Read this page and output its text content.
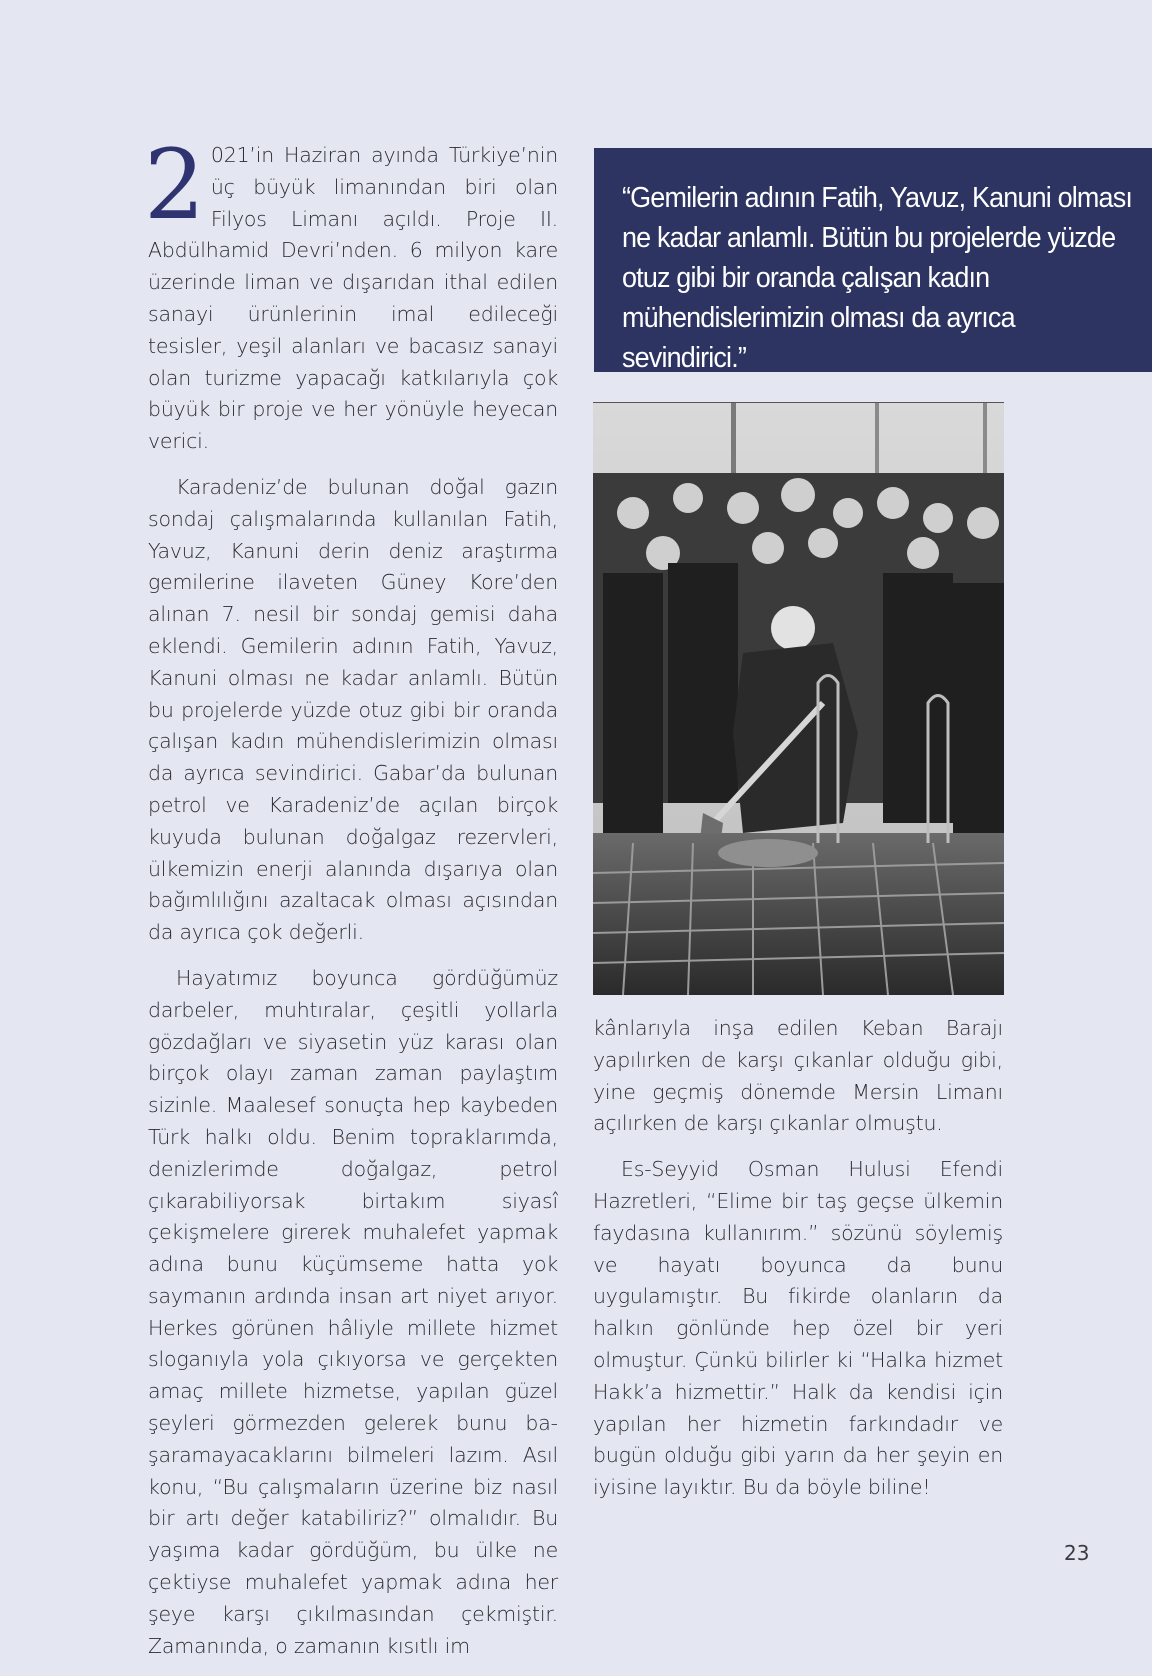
2 021’in Haziran ayında Türkiye’nin üç büyük limanından biri olan Filyos Limanı açıldı. Proje II. Abdülhamid Devri’nden. 6 milyon kare üzerinde liman ve dışarıdan ithal edilen sanayi ürünlerinin imal edileceği tesisler, yeşil alanları ve bacasız sanayi olan turizme yapacağı katkılarıyla çok büyük bir proje ve her yönüyle heyecan verici.

Karadeniz’de bulunan doğal gazın sondaj çalışmalarında kullanılan Fatih, Yavuz, Kanuni derin deniz araştırma gemilerine ilaveten Güney Kore’den alınan 7. nesil bir sondaj gemisi daha eklendi. Gemilerin adının Fatih, Yavuz, Kanuni olması ne kadar anlamlı. Bütün bu projelerde yüzde otuz gibi bir oranda çalışan kadın mühendislerimizin olması da ayrıca sevindirici. Gabar’da bulunan petrol ve Karadeniz’de açılan birçok kuyuda bulunan doğalgaz rezervleri, ülkemizin enerji alanında dışarıya olan bağımlılığını azaltacak olması açısından da ayrıca çok değerli.

Hayatımız boyunca gördüğümüz darbeler, muhtıralar, çeşitli yollarla gözdağları ve siyasetin yüz karası olan birçok olayı zaman zaman paylaştım sizinle. Maalesef sonuçta hep kaybeden Türk halkı oldu. Benim topraklarımda, denizlerimde doğalgaz, petrol çıkarabiliyorsak birtakım siyasî çekişmelere girerek muhalefet yapmak adına bunu küçümseme hatta yok saymanın ardında insan art niyet arıyor. Herkes görünen hâliyle millete hizmet sloganıyla yola çıkıyorsa ve gerçekten amaç millete hizmetse, yapılan güzel şeyleri görmezden gelerek bunu başaramayacaklarını bilmeleri lazım. Asıl konu, “Bu çalışmaların üzerine biz nasıl bir artı değer katabiliriz?” olmalıdır. Bu yaşıma kadar gördüğüm, bu ülke ne çektiyse muhalefet yapmak adına her şeye karşı çıkılmasından çekmiştir. Zamanında, o zamanın kısıtlı im

“Gemilerin adının Fatih, Yavuz, Kanuni olması ne kadar anlamlı. Bütün bu projelerde yüzde otuz gibi bir oranda çalışan kadın mühendislerimizin olması da ayrıca sevindirici.”

kânlarıyla inşa edilen Keban Barajı yapılırken de karşı çıkanlar olduğu gibi, yine geçmiş dönemde Mersin Limanı açılırken de karşı çıkanlar olmuştu.

Es-Seyyid Osman Hulusi Efendi Hazretleri, “Elime bir taş geçse ülkemin faydasına kullanırım.” sözünü söylemiş ve hayatı boyunca da bunu uygulamıştır. Bu fikirde olanların da halkın gönlünde hep özel bir yeri olmuştur. Çünkü bilirler ki “Halka hizmet Hakk’a hizmettir.” Halk da kendisi için yapılan her hizmetin farkındadır ve bugün olduğu gibi yarın da her şeyin en iyisine layıktır. Bu da böyle biline!

23
